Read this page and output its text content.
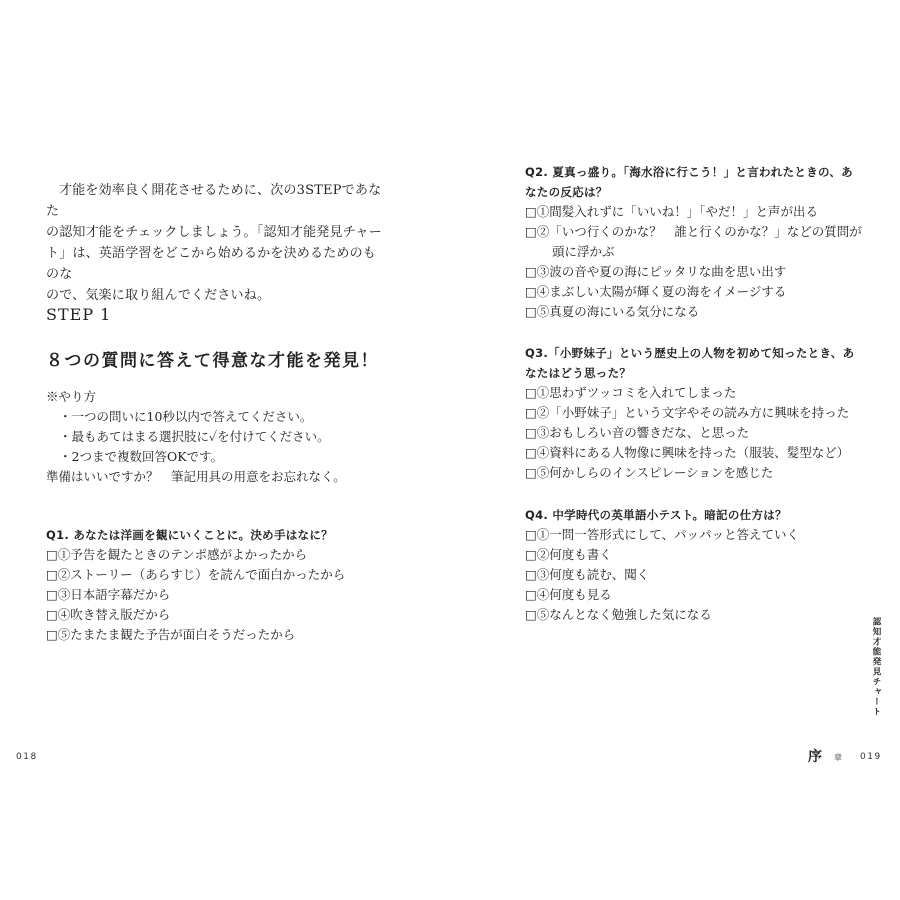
才能を効率良く開花させるために、次の3STEPであなた
の認知才能をチェックしましょう。「認知才能発見チャー
ト」は、英語学習をどこから始めるかを決めるためのものな
ので、気楽に取り組んでくださいね。
STEP 1
８つの質問に答えて得意な才能を発見！
※やり方
・一つの問いに10秒以内で答えてください。
・最もあてはまる選択肢に✓を付けてください。
・2つまで複数回答OKです。
準備はいいですか？　筆記用具の用意をお忘れなく。
Q1. あなたは洋画を観にいくことに。決め手はなに？
□①予告を観たときのテンポ感がよかったから
□②ストーリー（あらすじ）を読んで面白かったから
□③日本語字幕だから
□④吹き替え版だから
□⑤たまたま観た予告が面白そうだったから
018
Q2. 夏真っ盛り。「海水浴に行こう！」と言われたときの、あ
なたの反応は？
□①間髪入れずに「いいね！」「やだ！」と声が出る
□②「いつ行くのかな？　誰と行くのかな？」などの質問が
頭に浮かぶ
□③波の音や夏の海にピッタリな曲を思い出す
□④まぶしい太陽が輝く夏の海をイメージする
□⑤真夏の海にいる気分になる
Q3.「小野妹子」という歴史上の人物を初めて知ったとき、あ
なたはどう思った？
□①思わずツッコミを入れてしまった
□②「小野妹子」という文字やその読み方に興味を持った
□③おもしろい音の響きだな、と思った
□④資料にある人物像に興味を持った（服装、髪型など）
□⑤何かしらのインスピレーションを感じた
Q4. 中学時代の英単語小テスト。暗記の仕方は？
□①一問一答形式にして、パッパッと答えていく
□②何度も書く
□③何度も読む、聞く
□④何度も見る
□⑤なんとなく勉強した気になる
認知才能発見チャート
序 章 019
